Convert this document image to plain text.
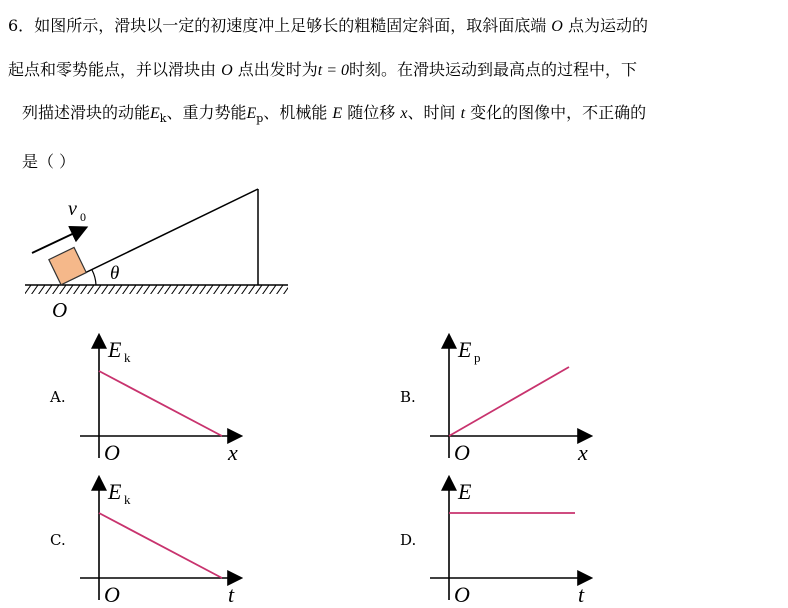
6．如图所示，滑块以一定的初速度冲上足够长的粗糙固定斜面，取斜面底端 O 点为运动的
起点和零势能点，并以滑块由 O 点出发时为t = 0时刻。在滑块运动到最高点的过程中，下
列描述滑块的动能$E_k$、重力势能$E_p$、机械能 E 随位移 x、时间 t 变化的图像中，不正确的
是（ ）
v 0
θ
O
A.	B.
C.	D.
E k
O	x
E p
O	x
E k
O	t
E
O	t
